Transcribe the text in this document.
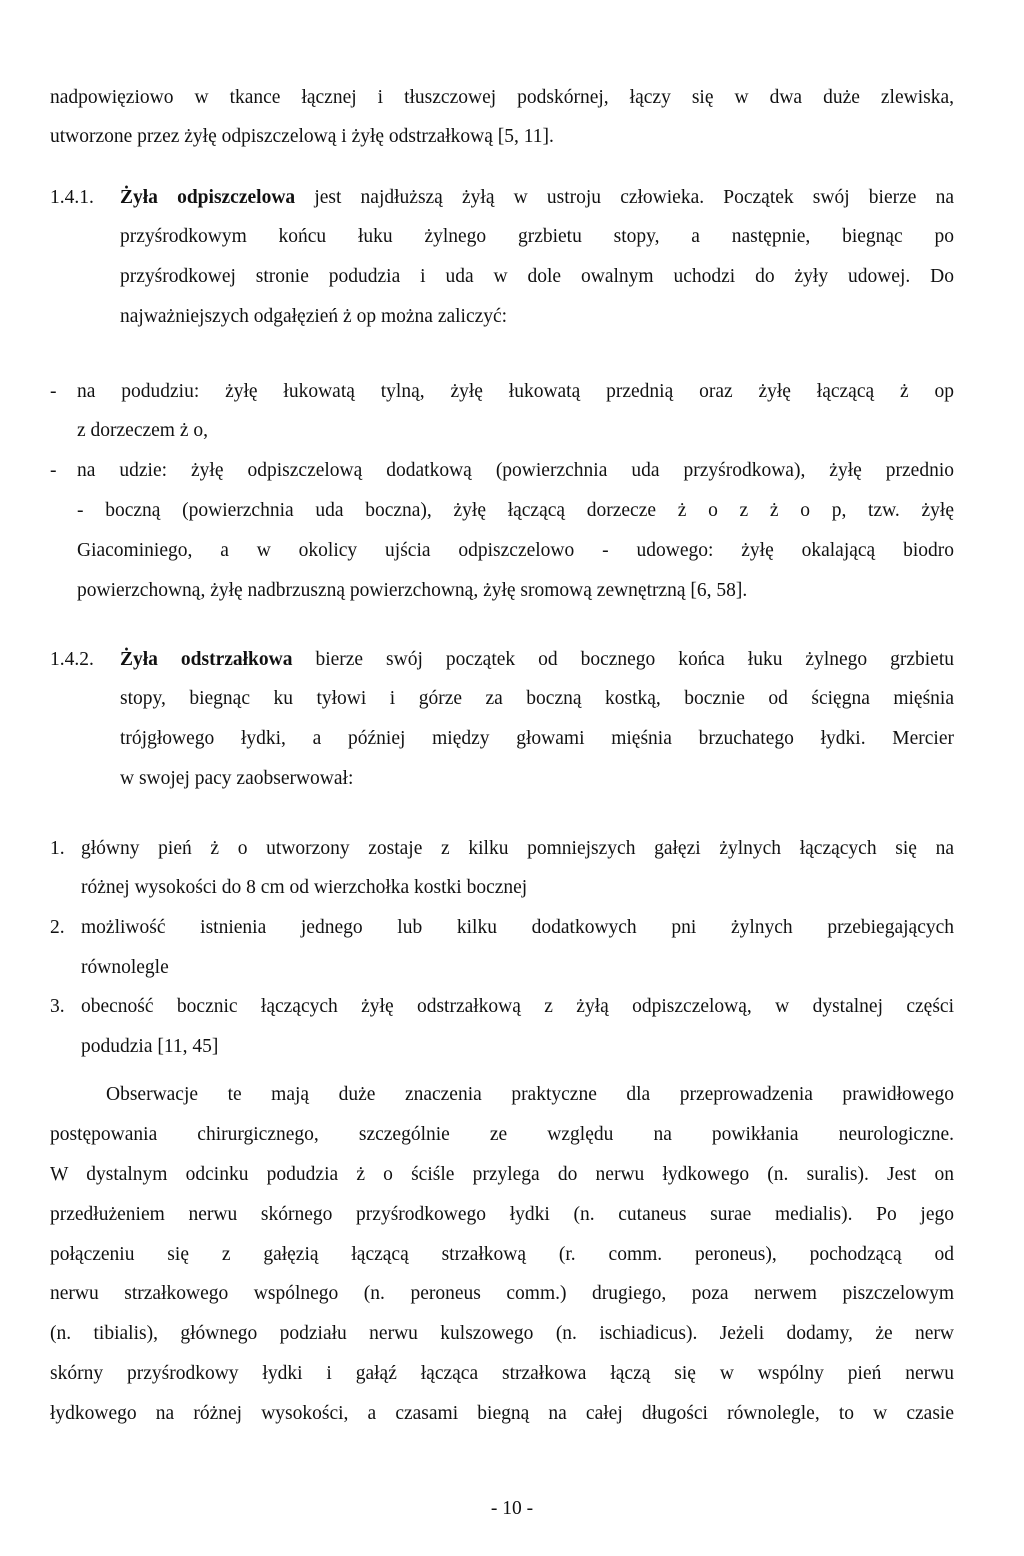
nadpowięziowo w tkance łącznej i tłuszczowej podskórnej, łączy się w dwa duże zlewiska,
utworzone przez żyłę odpiszczelową i żyłę odstrzałkową [5, 11].
1.4.1. Żyła odpiszczelowa jest najdłuższą żyłą w ustroju człowieka. Początek swój bierze na
przyśrodkowym końcu łuku żylnego grzbietu stopy, a następnie, biegnąc po
przyśrodkowej stronie podudzia i uda w dole owalnym uchodzi do żyły udowej. Do
najważniejszych odgałęzień ż op można zaliczyć:
- na podudziu: żyłę łukowatą tylną, żyłę łukowatą przednią oraz żyłę łączącą ż op
z dorzeczem ż o,
- na udzie: żyłę odpiszczelową dodatkową (powierzchnia uda przyśrodkowa), żyłę przednio
- boczną (powierzchnia uda boczna), żyłę łączącą dorzecze ż o z ż o p, tzw. żyłę
Giacominiego, a w okolicy ujścia odpiszczelowo - udowego: żyłę okalającą biodro
powierzchowną, żyłę nadbrzuszną powierzchowną, żyłę sromową zewnętrzną [6, 58].
1.4.2. Żyła odstrzałkowa bierze swój początek od bocznego końca łuku żylnego grzbietu
stopy, biegnąc ku tyłowi i górze za boczną kostką, bocznie od ścięgna mięśnia
trójgłowego łydki, a później między głowami mięśnia brzuchatego łydki. Mercier
w swojej pacy zaobserwował:
1. główny pień ż o utworzony zostaje z kilku pomniejszych gałęzi żylnych łączących się na
różnej wysokości do 8 cm od wierzchołka kostki bocznej
2. możliwość istnienia jednego lub kilku dodatkowych pni żylnych przebiegających
równolegle
3. obecność bocznic łączących żyłę odstrzałkową z żyłą odpiszczelową, w dystalnej części
podudzia [11, 45]
Obserwacje te mają duże znaczenia praktyczne dla przeprowadzenia prawidłowego
postępowania chirurgicznego, szczególnie ze względu na powikłania neurologiczne.
W dystalnym odcinku podudzia ż o ściśle przylega do nerwu łydkowego (n. suralis). Jest on
przedłużeniem nerwu skórnego przyśrodkowego łydki (n. cutaneus surae medialis). Po jego
połączeniu się z gałęzią łączącą strzałkową (r. comm. peroneus), pochodzącą od
nerwu strzałkowego wspólnego (n. peroneus comm.) drugiego, poza nerwem piszczelowym
(n. tibialis), głównego podziału nerwu kulszowego (n. ischiadicus). Jeżeli dodamy, że nerw
skórny przyśrodkowy łydki i gałąź łącząca strzałkowa łączą się w wspólny pień nerwu
łydkowego na różnej wysokości, a czasami biegną na całej długości równolegle, to w czasie
- 10 -
